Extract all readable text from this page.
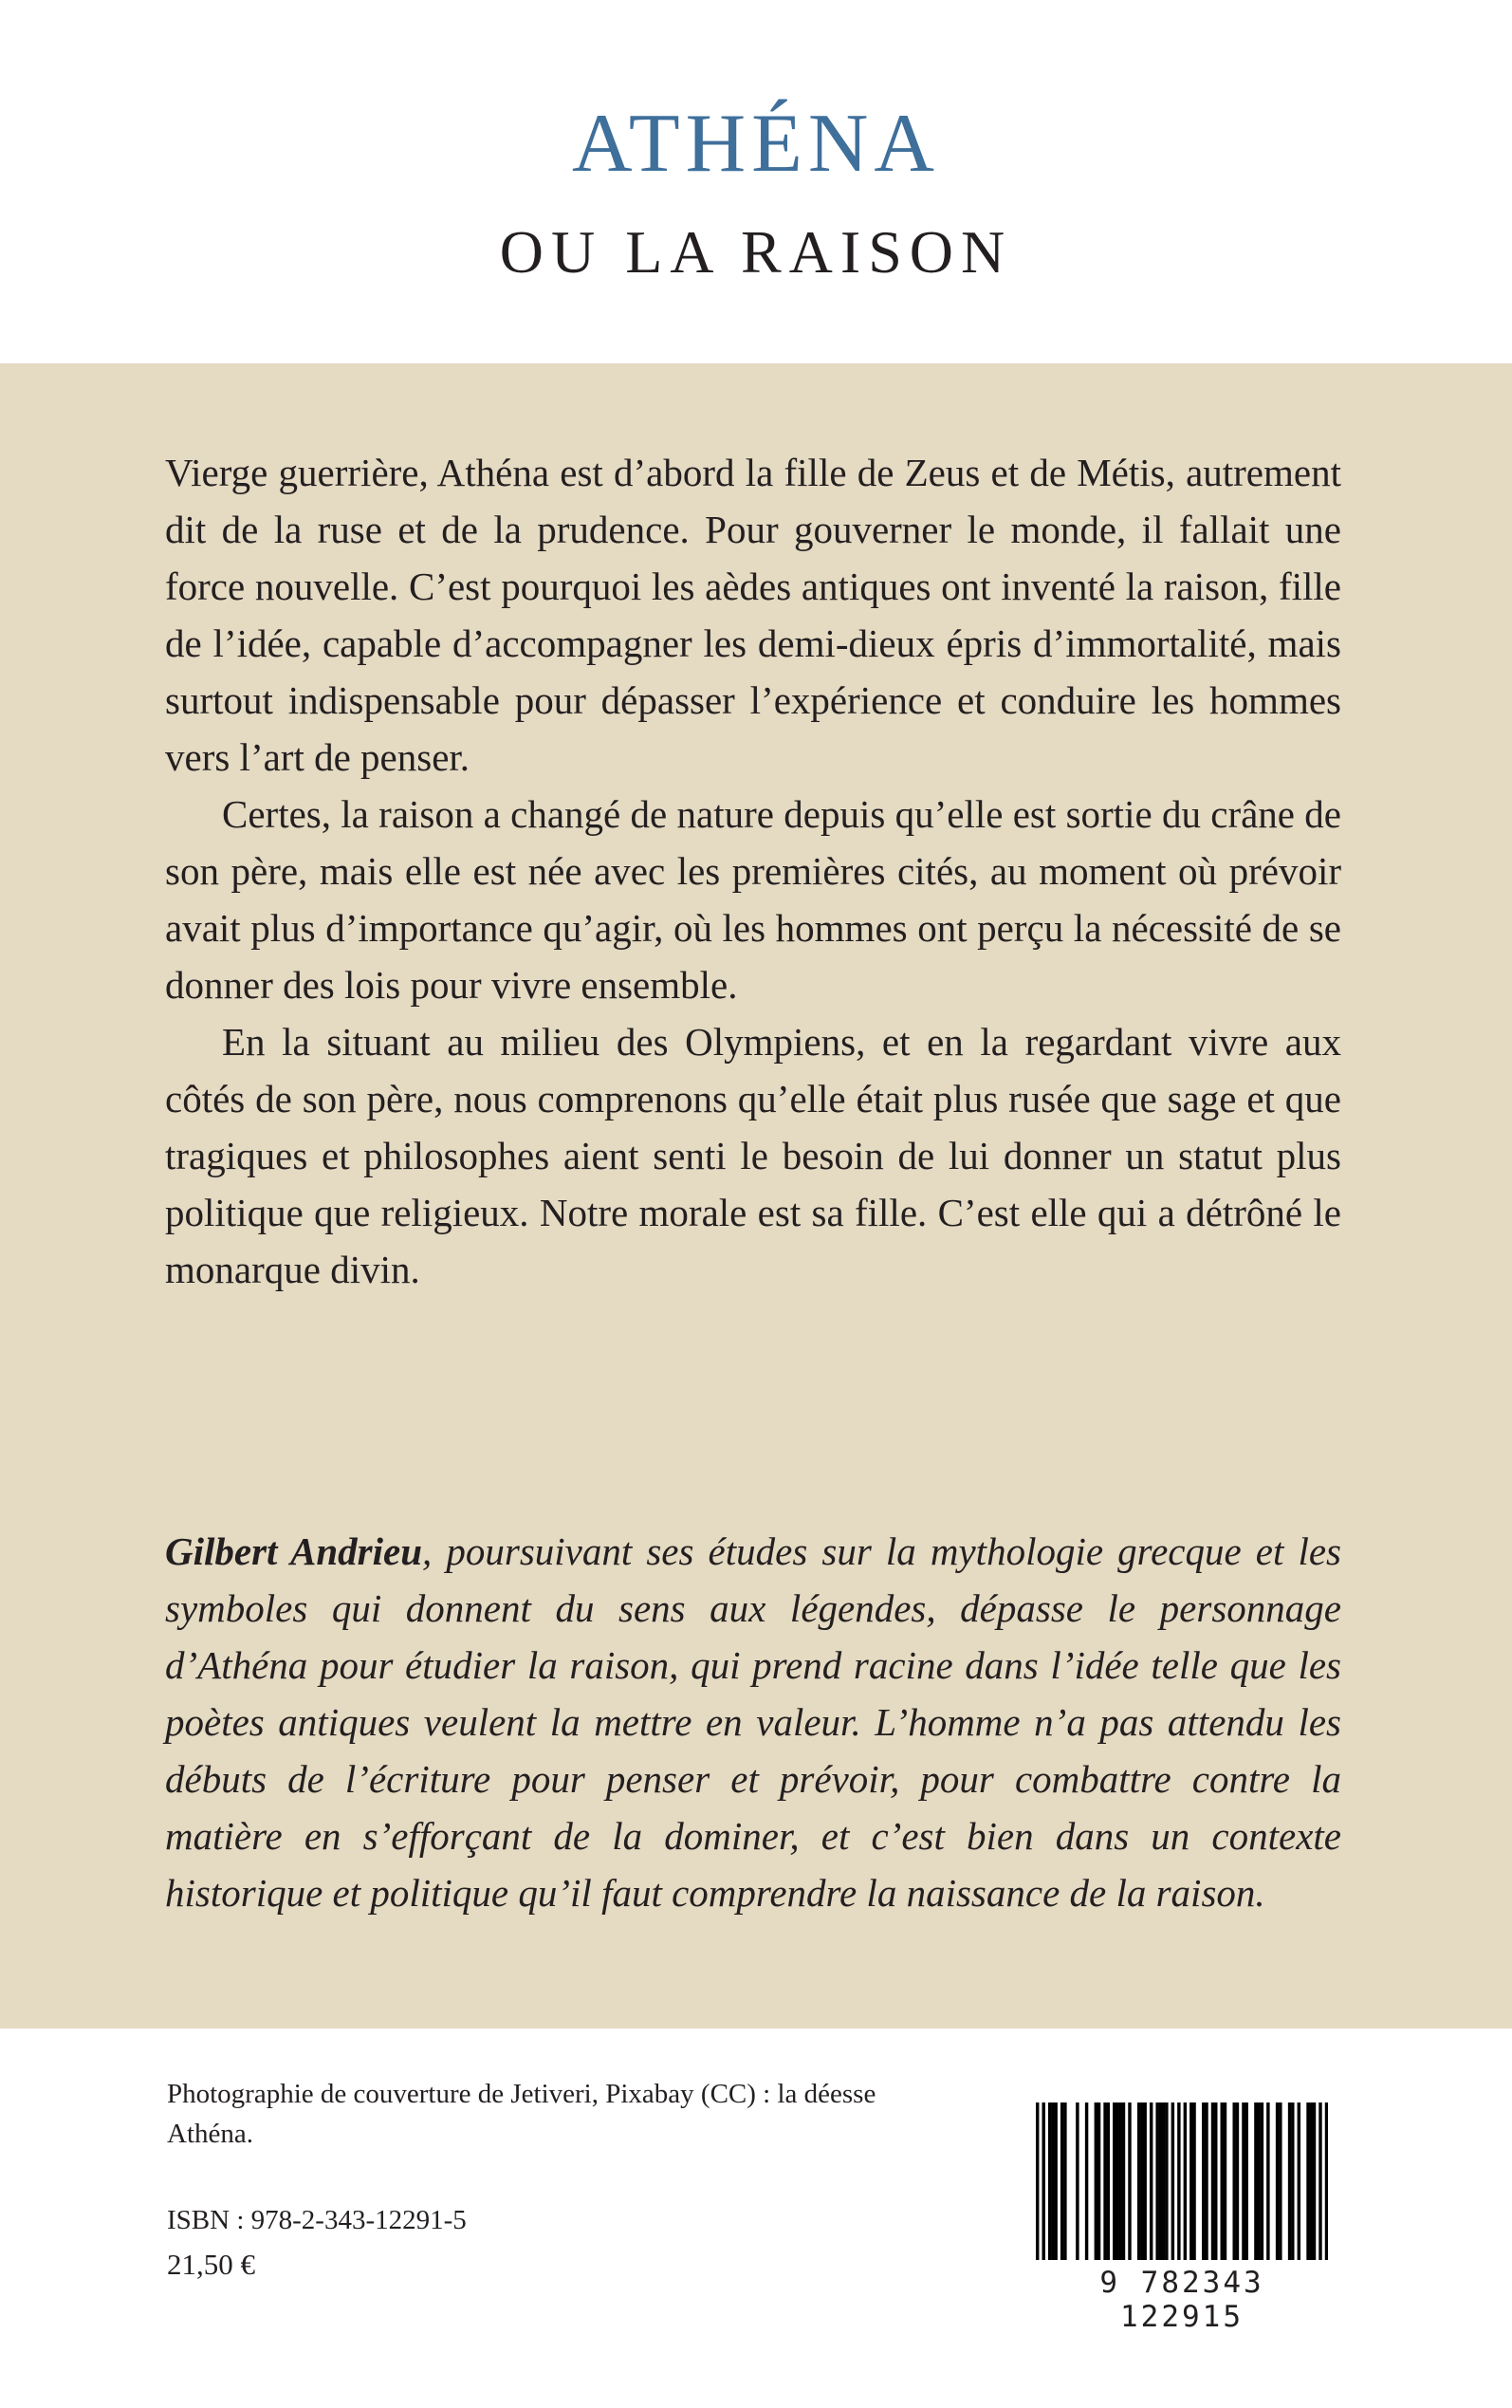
ATHÉNA
OU LA RAISON

Vierge guerrière, Athéna est d’abord la fille de Zeus et de Métis, autrement dit de la ruse et de la prudence. Pour gouverner le monde, il fallait une force nouvelle. C’est pourquoi les aèdes antiques ont inventé la raison, fille de l’idée, capable d’accompagner les demi-dieux épris d’immortalité, mais surtout indispensable pour dépasser l’expérience et conduire les hommes vers l’art de penser.

Certes, la raison a changé de nature depuis qu’elle est sortie du crâne de son père, mais elle est née avec les premières cités, au moment où prévoir avait plus d’importance qu’agir, où les hommes ont perçu la nécessité de se donner des lois pour vivre ensemble.

En la situant au milieu des Olympiens, et en la regardant vivre aux côtés de son père, nous comprenons qu’elle était plus rusée que sage et que tragiques et philosophes aient senti le besoin de lui donner un statut plus politique que religieux. Notre morale est sa fille. C’est elle qui a détrôné le monarque divin.

Gilbert Andrieu, poursuivant ses études sur la mythologie grecque et les symboles qui donnent du sens aux légendes, dépasse le personnage d’Athéna pour étudier la raison, qui prend racine dans l’idée telle que les poètes antiques veulent la mettre en valeur. L’homme n’a pas attendu les débuts de l’écriture pour penser et prévoir, pour combattre contre la matière en s’efforçant de la dominer, et c’est bien dans un contexte historique et politique qu’il faut comprendre la naissance de la raison.
Photographie de couverture de Jetiveri, Pixabay (CC) : la déesse Athéna.
ISBN : 978-2-343-12291-5
21,50 €
9 782343 122915
